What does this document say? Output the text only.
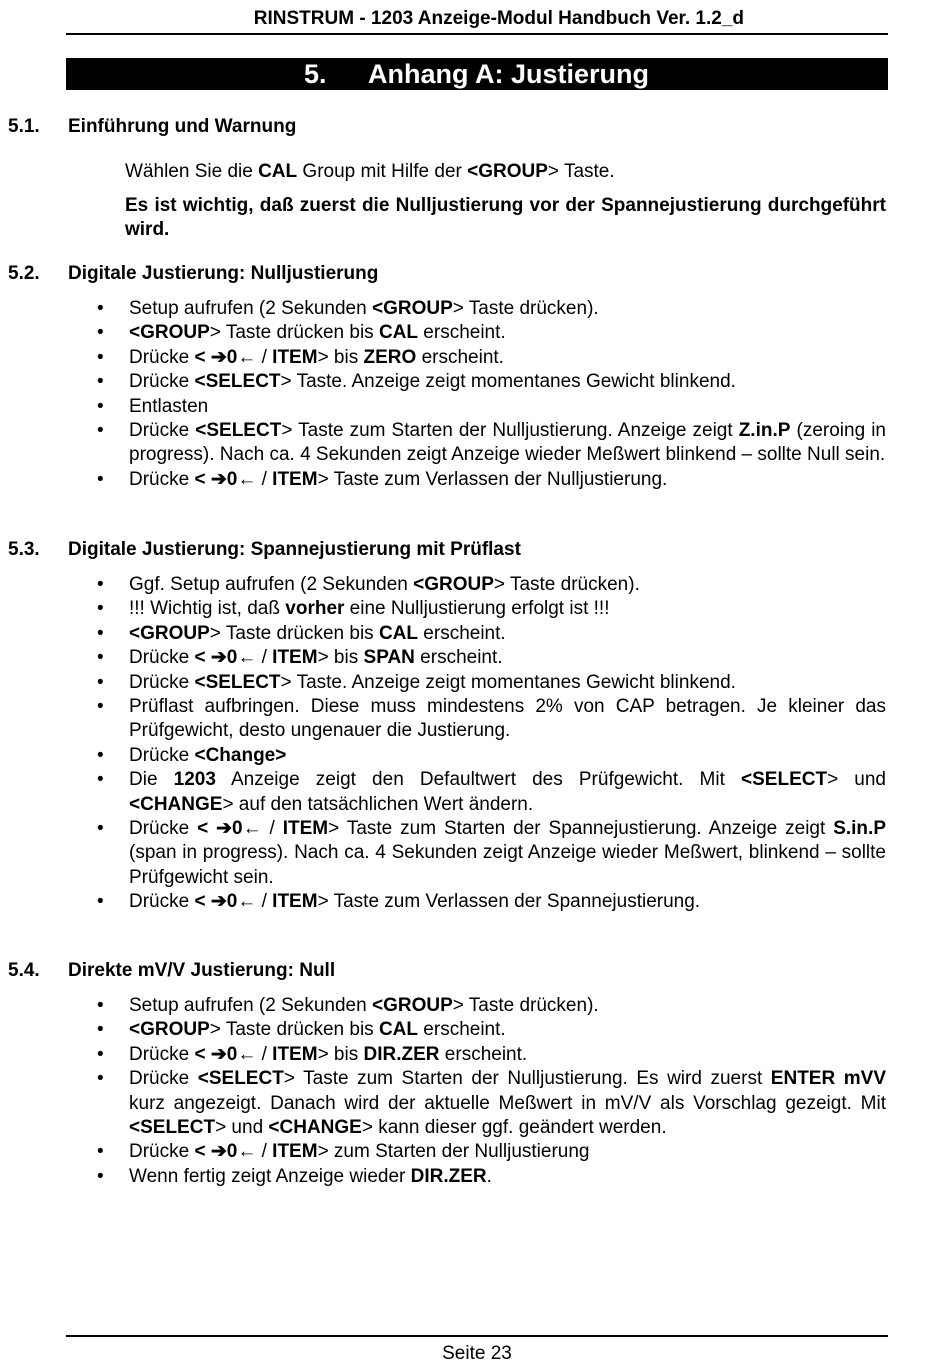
RINSTRUM - 1203 Anzeige-Modul Handbuch Ver. 1.2_d
5. Anhang A: Justierung
5.1. Einführung und Warnung
Wählen Sie die CAL Group mit Hilfe der <GROUP> Taste.
Es ist wichtig, daß zuerst die Nulljustierung vor der Spannejustierung durchgeführt wird.
5.2. Digitale Justierung: Nulljustierung
• Setup aufrufen (2 Sekunden <GROUP> Taste drücken).
• <GROUP> Taste drücken bis CAL erscheint.
• Drücke < ➔0← / ITEM> bis ZERO erscheint.
• Drücke <SELECT> Taste. Anzeige zeigt momentanes Gewicht blinkend.
• Entlasten
• Drücke <SELECT> Taste zum Starten der Nulljustierung. Anzeige zeigt Z.in.P (zeroing in progress). Nach ca. 4 Sekunden zeigt Anzeige wieder Meßwert blinkend – sollte Null sein.
• Drücke < ➔0← / ITEM> Taste zum Verlassen der Nulljustierung.
5.3. Digitale Justierung: Spannejustierung mit Prüflast
• Ggf. Setup aufrufen (2 Sekunden <GROUP> Taste drücken).
• !!! Wichtig ist, daß vorher eine Nulljustierung erfolgt ist !!!
• <GROUP> Taste drücken bis CAL erscheint.
• Drücke < ➔0← / ITEM> bis SPAN erscheint.
• Drücke <SELECT> Taste. Anzeige zeigt momentanes Gewicht blinkend.
• Prüflast aufbringen. Diese muss mindestens 2% von CAP betragen. Je kleiner das Prüfgewicht, desto ungenauer die Justierung.
• Drücke <Change>
• Die 1203 Anzeige zeigt den Defaultwert des Prüfgewicht. Mit <SELECT> und <CHANGE> auf den tatsächlichen Wert ändern.
• Drücke < ➔0← / ITEM> Taste zum Starten der Spannejustierung. Anzeige zeigt S.in.P (span in progress). Nach ca. 4 Sekunden zeigt Anzeige wieder Meßwert, blinkend – sollte Prüfgewicht sein.
• Drücke < ➔0← / ITEM> Taste zum Verlassen der Spannejustierung.
5.4. Direkte mV/V Justierung: Null
• Setup aufrufen (2 Sekunden <GROUP> Taste drücken).
• <GROUP> Taste drücken bis CAL erscheint.
• Drücke < ➔0← / ITEM> bis DIR.ZER erscheint.
• Drücke <SELECT> Taste zum Starten der Nulljustierung. Es wird zuerst ENTER mVV kurz angezeigt. Danach wird der aktuelle Meßwert in mV/V als Vorschlag gezeigt. Mit <SELECT> und <CHANGE> kann dieser ggf. geändert werden.
• Drücke < ➔0← / ITEM> zum Starten der Nulljustierung
• Wenn fertig zeigt Anzeige wieder DIR.ZER.
Seite 23
